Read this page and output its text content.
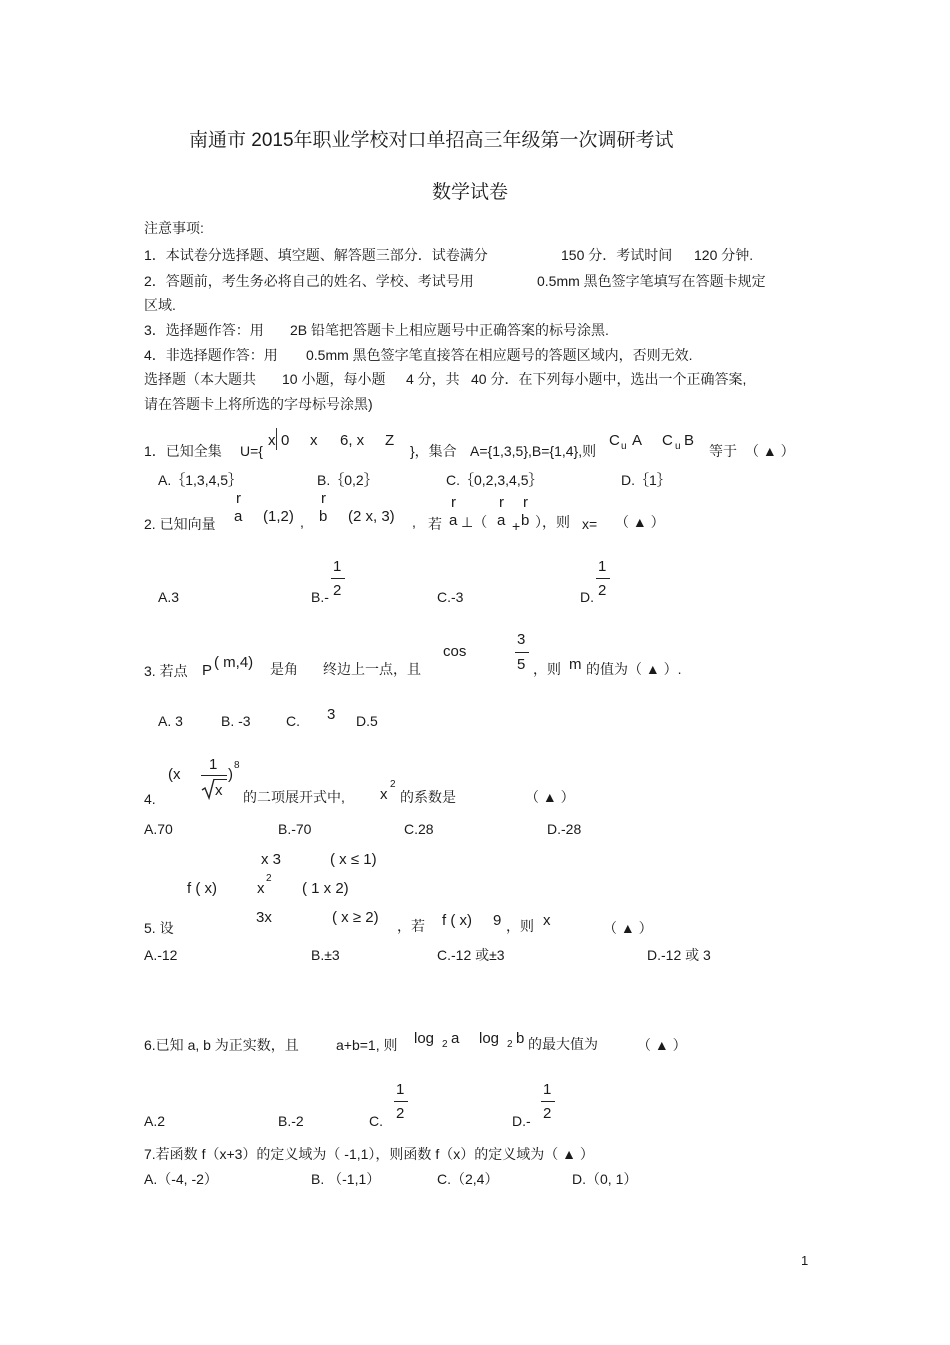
南通市 2015年职业学校对口单招高三年级第一次调研考试
数学试卷
注意事项:
1．本试卷分选择题、填空题、解答题三部分．试卷满分	150 分．考试时间 120 分钟.
2．答题前，考生务必将自己的姓名、学校、考试号用	0.5mm 黑色签字笔填写在答题卡规定
区域.
3．选择题作答：用 2B 铅笔把答题卡上相应题号中正确答案的标号涂黑.
4．非选择题作答：用 0.5mm 黑色签字笔直接答在相应题号的答题区域内，否则无效.
选择题（本大题共 10 小题，每小题 4 分，共 40 分．在下列每小题中，选出一个正确答案,
请在答题卡上将所选的字母标号涂黑)
1．已知全集 U={
x 0 x 6, x Z
}，集合 A={1,3,5},B={1,4},则
C u A C u B
等于 （ ▲ ）
A.｛1,3,4,5｝	B.｛0,2｝	C.｛0,2,3,4,5｝	D.｛1｝
2. 已知向量
r
a (1,2) ,
r
b (2 x, 3) , 若
r
a ⊥（
r
a +
r
b ），则 x= （ ▲ ）
A.3	B.-
1
2	C.-3	D.
1
2
3. 若点 P ( m,4) 是角 终边上一点，且
cos
3
5 ，则 m 的值为（ ▲ ）.
A. 3	B. -3	C. 3 D.5
(x
1
x
)
8
4.	的二项展开式中, x
2
的系数是	（ ▲ ）
A.70	B.-70	C.28	D.-28
x 3	( x ≤ 1)
f ( x)	x
2
( 1 x 2)
3x	( x ≥ 2)
5. 设	，若 f ( x) 9 ，则 x	（ ▲ ）
A.-12	B.±3	C.-12 或±3	D.-12 或 3
6.已知 a, b 为正实数，且	a+b=1, 则 log 2 a log 2 b 的最大值为	（ ▲ ）
A.2	B.-2	C.
1
2	D.-
1
2
7.若函数 f（x+3）的定义域为（ -1,1），则函数 f（x）的定义域为（ ▲ ）
A.（-4, -2）	B. （-1,1）	C.（2,4）	D.（0, 1）
1
